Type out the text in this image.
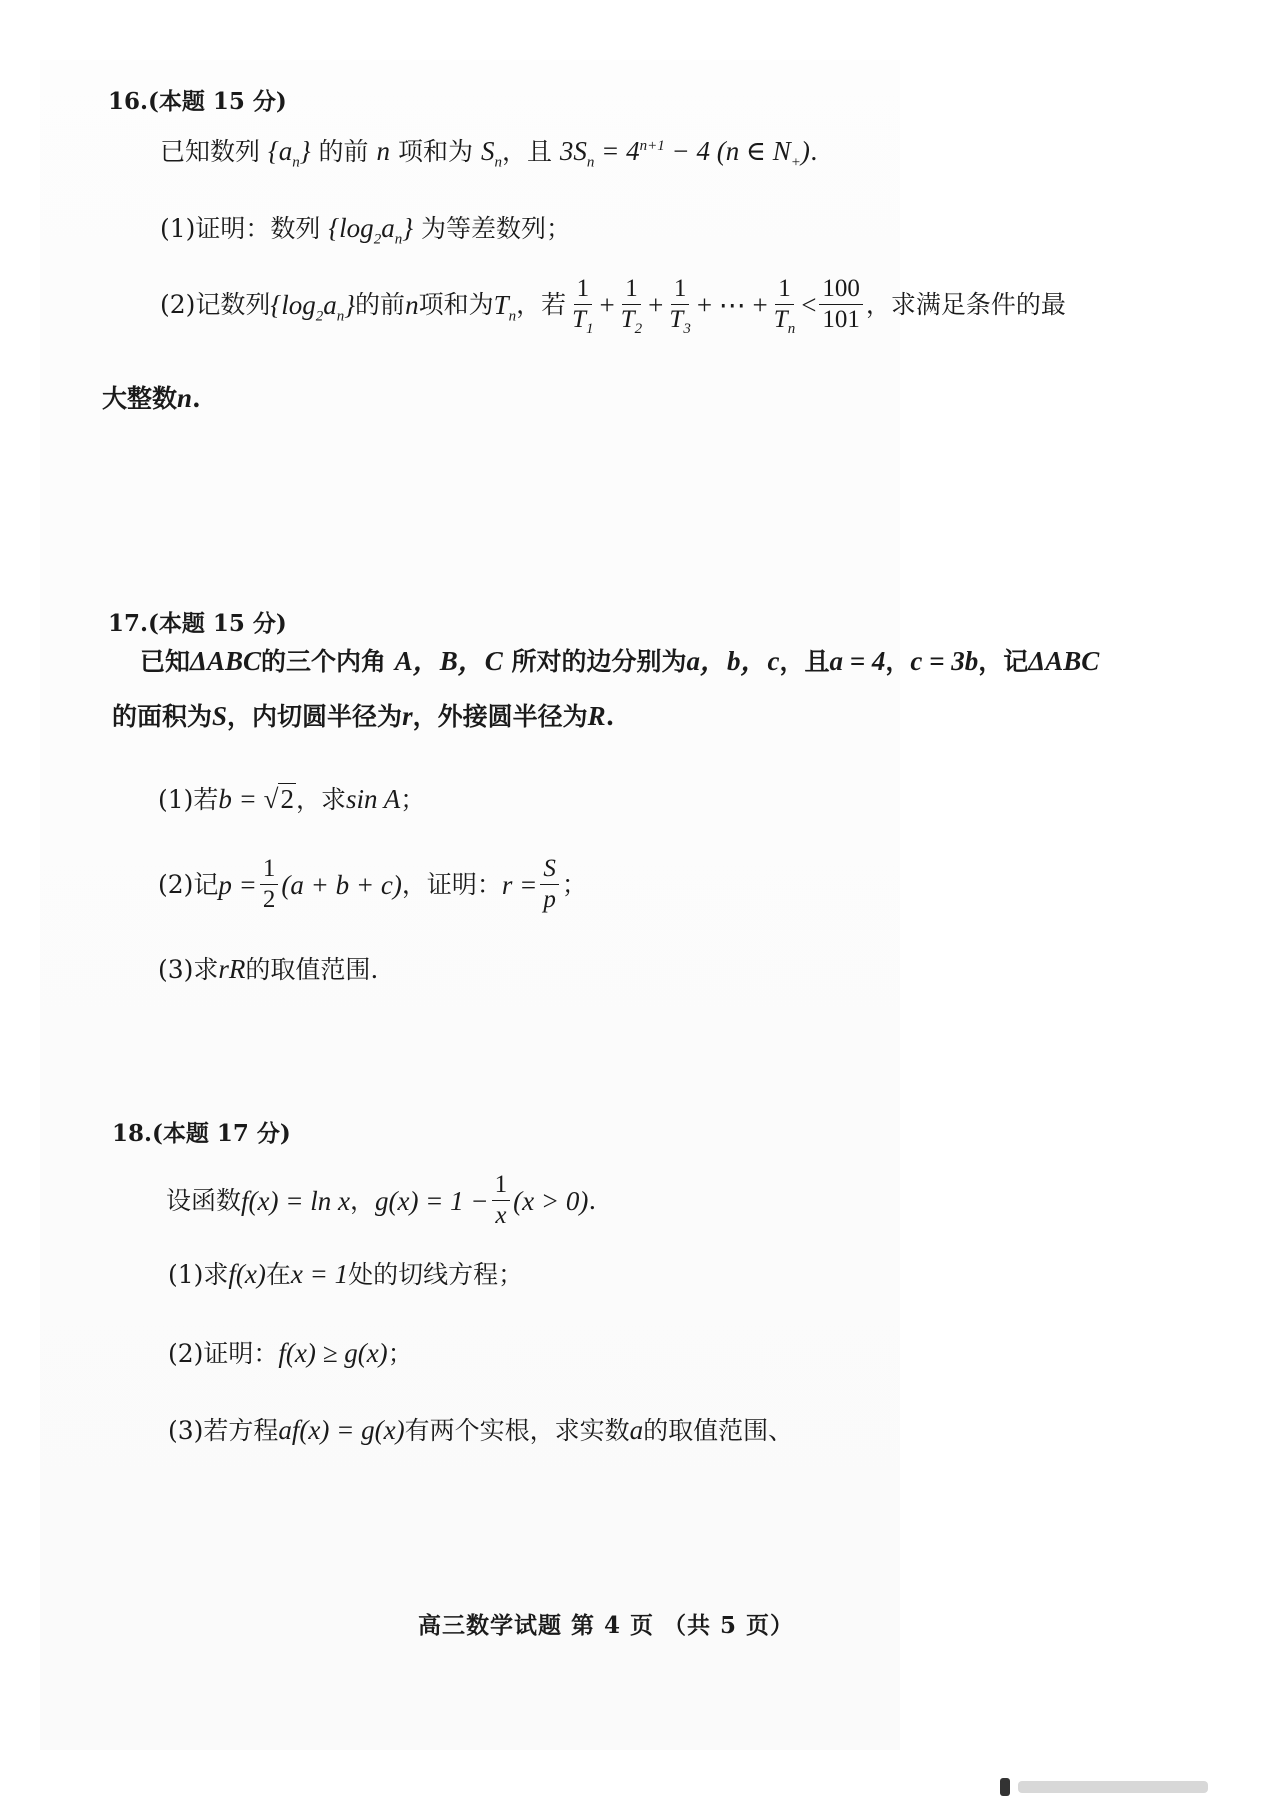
16.(本题 15 分)
已知数列 $\{a_n\}$ 的前 n 项和为 $S_n$，且 $3S_n = 4^{n+1} - 4$ (n ∈ $N_+$).
(1)证明：数列 $\{\log_2a_n\}$ 为等差数列；
(2)记数列 $\{\log_2a_n\}$ 的前 n 项和为 $T_n$ ，若 $\frac{1}{T_1} + \frac{1}{T_2} + \frac{1}{T_3}$ + ⋯ + $\frac{1}{T_n} < \frac{100}{101}$ ，求满足条件的最
大整数n.
17.(本题 15 分)
已知ΔABC的三个内角 A，B，C 所对的边分别为a，b，c，且a = 4，c = 3b，记ΔABC
的面积为S，内切圆半径为r，外接圆半径为R.
(1)若b = √2，求sin A；
(2)记 $p = \frac{1}{2} (a + b + c)$ ，证明： $r = \frac{S}{p}$ ；
(3)求rR的取值范围.
18.(本题 17 分)
设函数 f(x) = ln x ， $g(x) = 1 - \frac{1}{x} (x > 0)$ .
(1)求f(x)在x = 1处的切线方程；
(2)证明：f(x) ≥ g(x)；
(3)若方程af(x) = g(x)有两个实根，求实数a的取值范围、
高三数学试题 第 4 页 （共 5 页）
